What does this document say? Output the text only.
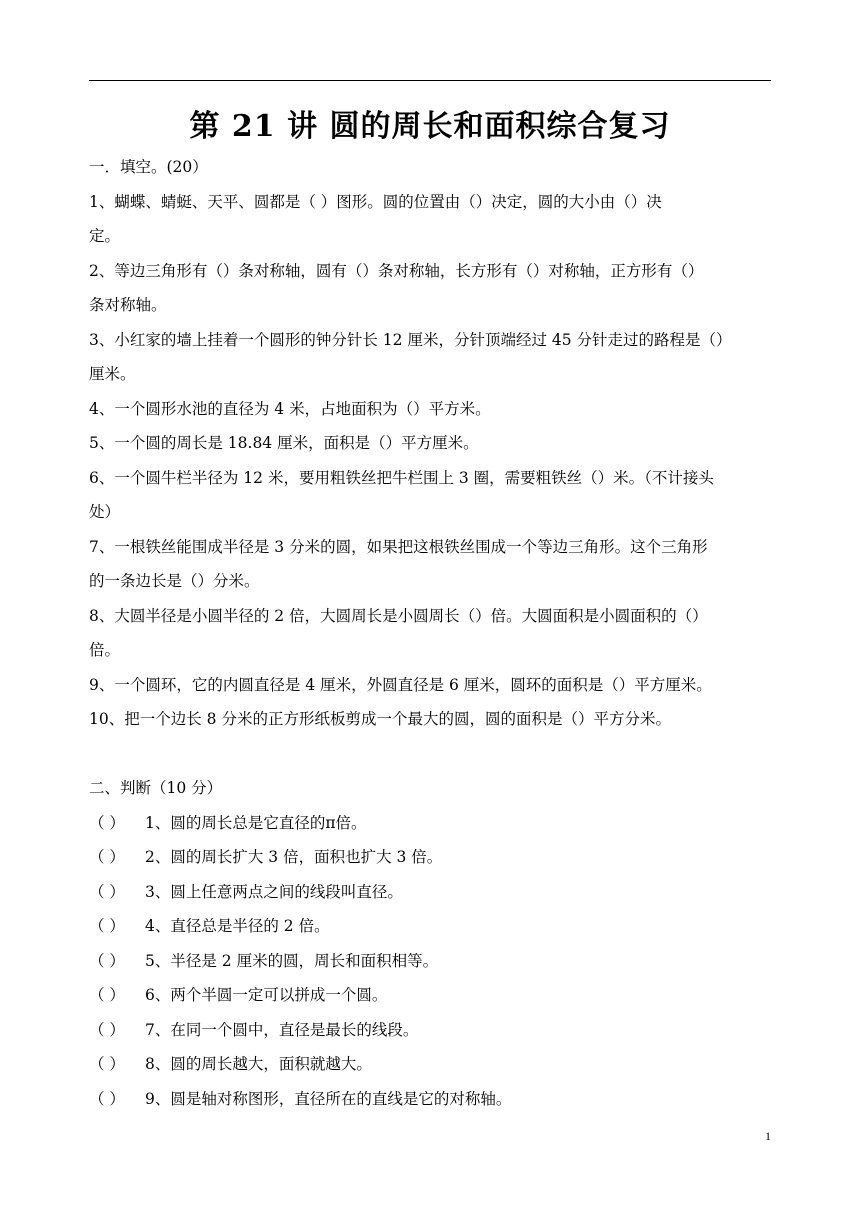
第 21 讲 圆的周长和面积综合复习
一．填空。(20）
1、蝴蝶、蜻蜓、天平、圆都是（ ）图形。圆的位置由（）决定，圆的大小由（）决
定。
2、等边三角形有（）条对称轴，圆有（）条对称轴，长方形有（）对称轴，正方形有（）
条对称轴。
3、小红家的墙上挂着一个圆形的钟分针长 12 厘米，分针顶端经过 45 分针走过的路程是（）
厘米。
4、一个圆形水池的直径为 4 米，占地面积为（）平方米。
5、一个圆的周长是 18.84 厘米，面积是（）平方厘米。
6、一个圆牛栏半径为 12 米，要用粗铁丝把牛栏围上 3 圈，需要粗铁丝（）米。（不计接头
处）
7、一根铁丝能围成半径是 3 分米的圆，如果把这根铁丝围成一个等边三角形。这个三角形
的一条边长是（）分米。
8、大圆半径是小圆半径的 2 倍，大圆周长是小圆周长（）倍。大圆面积是小圆面积的（）
倍。
9、一个圆环，它的内圆直径是 4 厘米，外圆直径是 6 厘米，圆环的面积是（）平方厘米。
10、把一个边长 8 分米的正方形纸板剪成一个最大的圆，圆的面积是（）平方分米。
二、判断（10 分）
（ ） 1、圆的周长总是它直径的π倍。
（ ） 2、圆的周长扩大 3 倍，面积也扩大 3 倍。
（ ） 3、圆上任意两点之间的线段叫直径。
（ ） 4、直径总是半径的 2 倍。
（ ） 5、半径是 2 厘米的圆，周长和面积相等。
（ ） 6、两个半圆一定可以拼成一个圆。
（ ） 7、在同一个圆中，直径是最长的线段。
（ ） 8、圆的周长越大，面积就越大。
（ ） 9、圆是轴对称图形，直径所在的直线是它的对称轴。
1
